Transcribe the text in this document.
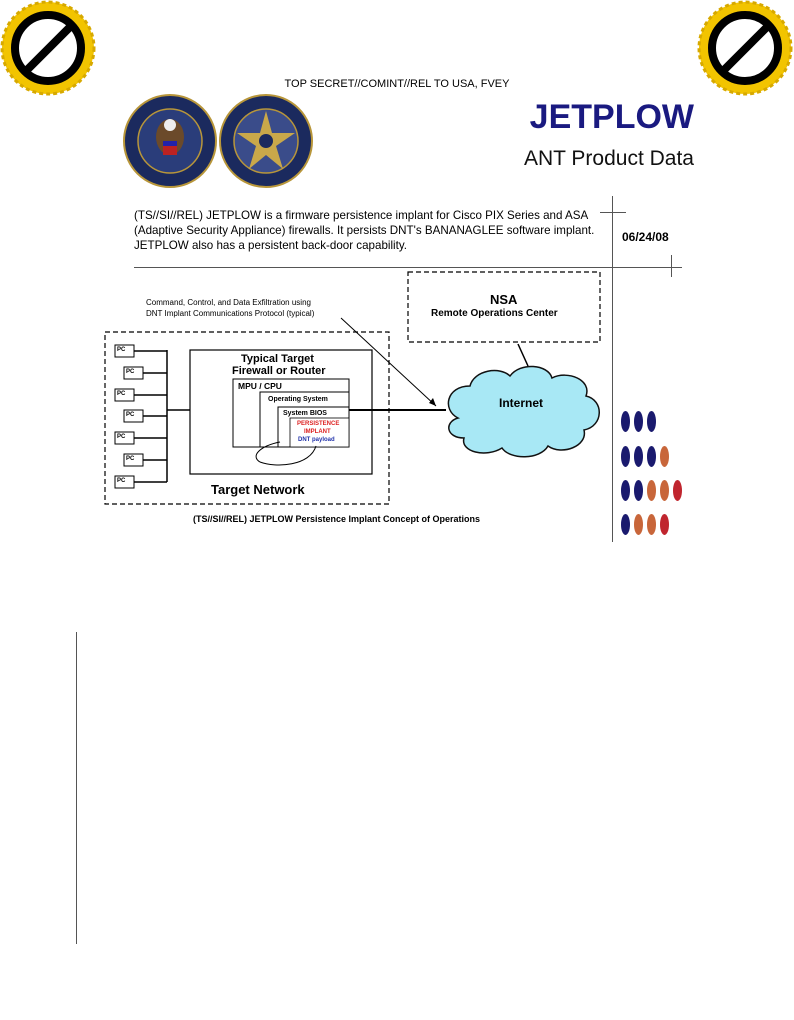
TOP SECRET//COMINT//REL TO USA, FVEY
JETPLOW
ANT Product Data
(TS//SI//REL) JETPLOW is a firmware persistence implant for Cisco PIX Series and ASA (Adaptive Security Appliance) firewalls. It persists DNT's BANANAGLEE software implant. JETPLOW also has a persistent back-door capability.
06/24/08
Command, Control, and Data Exfiltration using
DNT Implant Communications Protocol (typical)
NSA
Remote Operations Center
Internet
Typical Target
Firewall or Router
MPU / CPU
Operating System
System BIOS
PERSISTENCE
IMPLANT
DNT payload
Target Network
PC
PC
PC
PC
PC
PC
PC
(TS//SI//REL) JETPLOW Persistence Implant Concept of Operations
